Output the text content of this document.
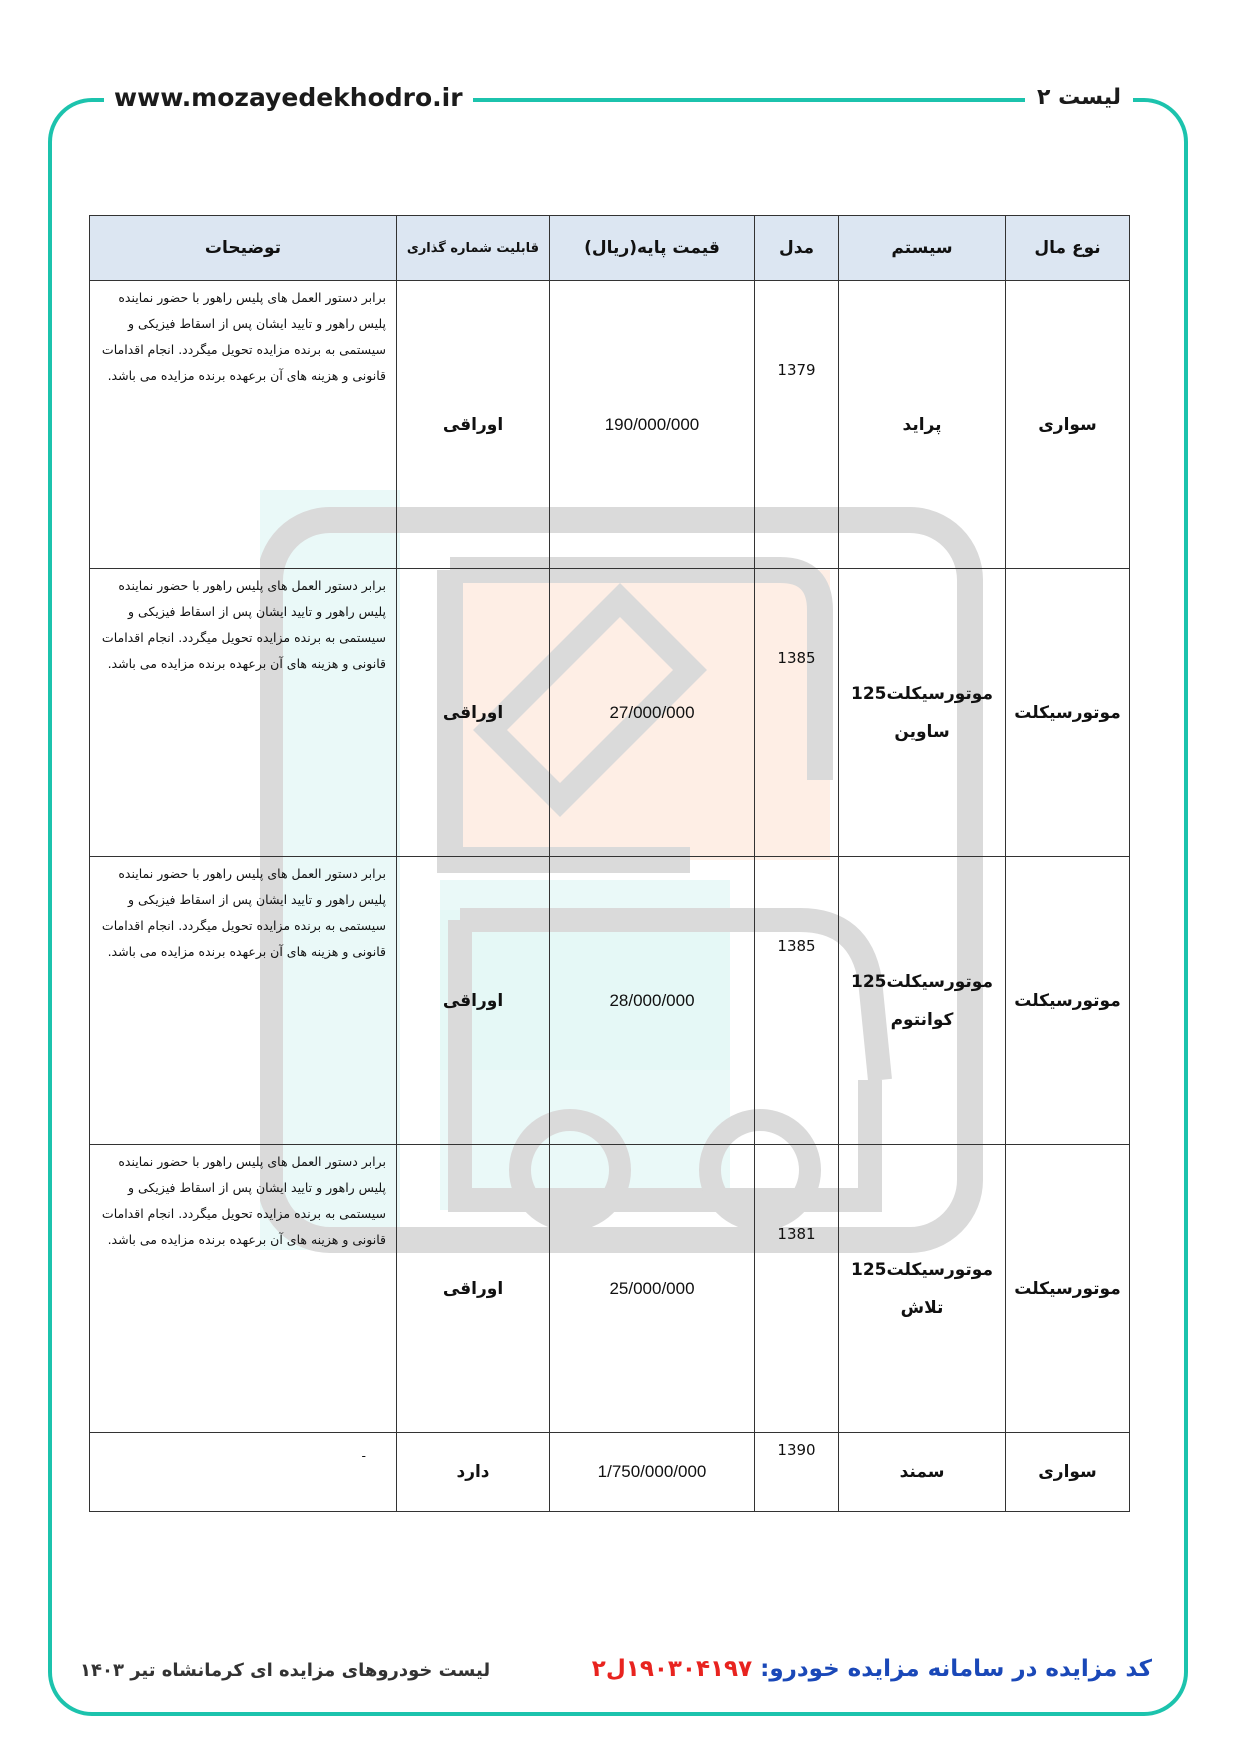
www.mozayedekhodro.ir	لیست ۲
نوع مال	سیستم	مدل	قیمت پایه(ریال)	قابلیت شماره گذاری	توضیحات
سواری	پراید	1379	190/000/000	اوراقی	برابر دستور العمل های پلیس راهور با حضور نماینده پلیس راهور و تایید ایشان پس از اسقاط فیزیکی و سیستمی به برنده مزایده تحویل میگردد. انجام اقدامات قانونی و هزینه های آن برعهده برنده مزایده می باشد.
موتورسیکلت	موتورسیکلت125 ساوین	1385	27/000/000	اوراقی	برابر دستور العمل های پلیس راهور با حضور نماینده پلیس راهور و تایید ایشان پس از اسقاط فیزیکی و سیستمی به برنده مزایده تحویل میگردد. انجام اقدامات قانونی و هزینه های آن برعهده برنده مزایده می باشد.
موتورسیکلت	موتورسیکلت125 کوانتوم	1385	28/000/000	اوراقی	برابر دستور العمل های پلیس راهور با حضور نماینده پلیس راهور و تایید ایشان پس از اسقاط فیزیکی و سیستمی به برنده مزایده تحویل میگردد. انجام اقدامات قانونی و هزینه های آن برعهده برنده مزایده می باشد.
موتورسیکلت	موتورسیکلت125 تلاش	1381	25/000/000	اوراقی	برابر دستور العمل های پلیس راهور با حضور نماینده پلیس راهور و تایید ایشان پس از اسقاط فیزیکی و سیستمی به برنده مزایده تحویل میگردد. انجام اقدامات قانونی و هزینه های آن برعهده برنده مزایده می باشد.
سواری	سمند	1390	1/750/000/000	دارد	-
لیست خودروهای مزایده ای کرمانشاه تیر ۱۴۰۳	کد مزایده در سامانه مزایده خودرو: ۱۹۰۳۰۴۱۹۷ل۲
